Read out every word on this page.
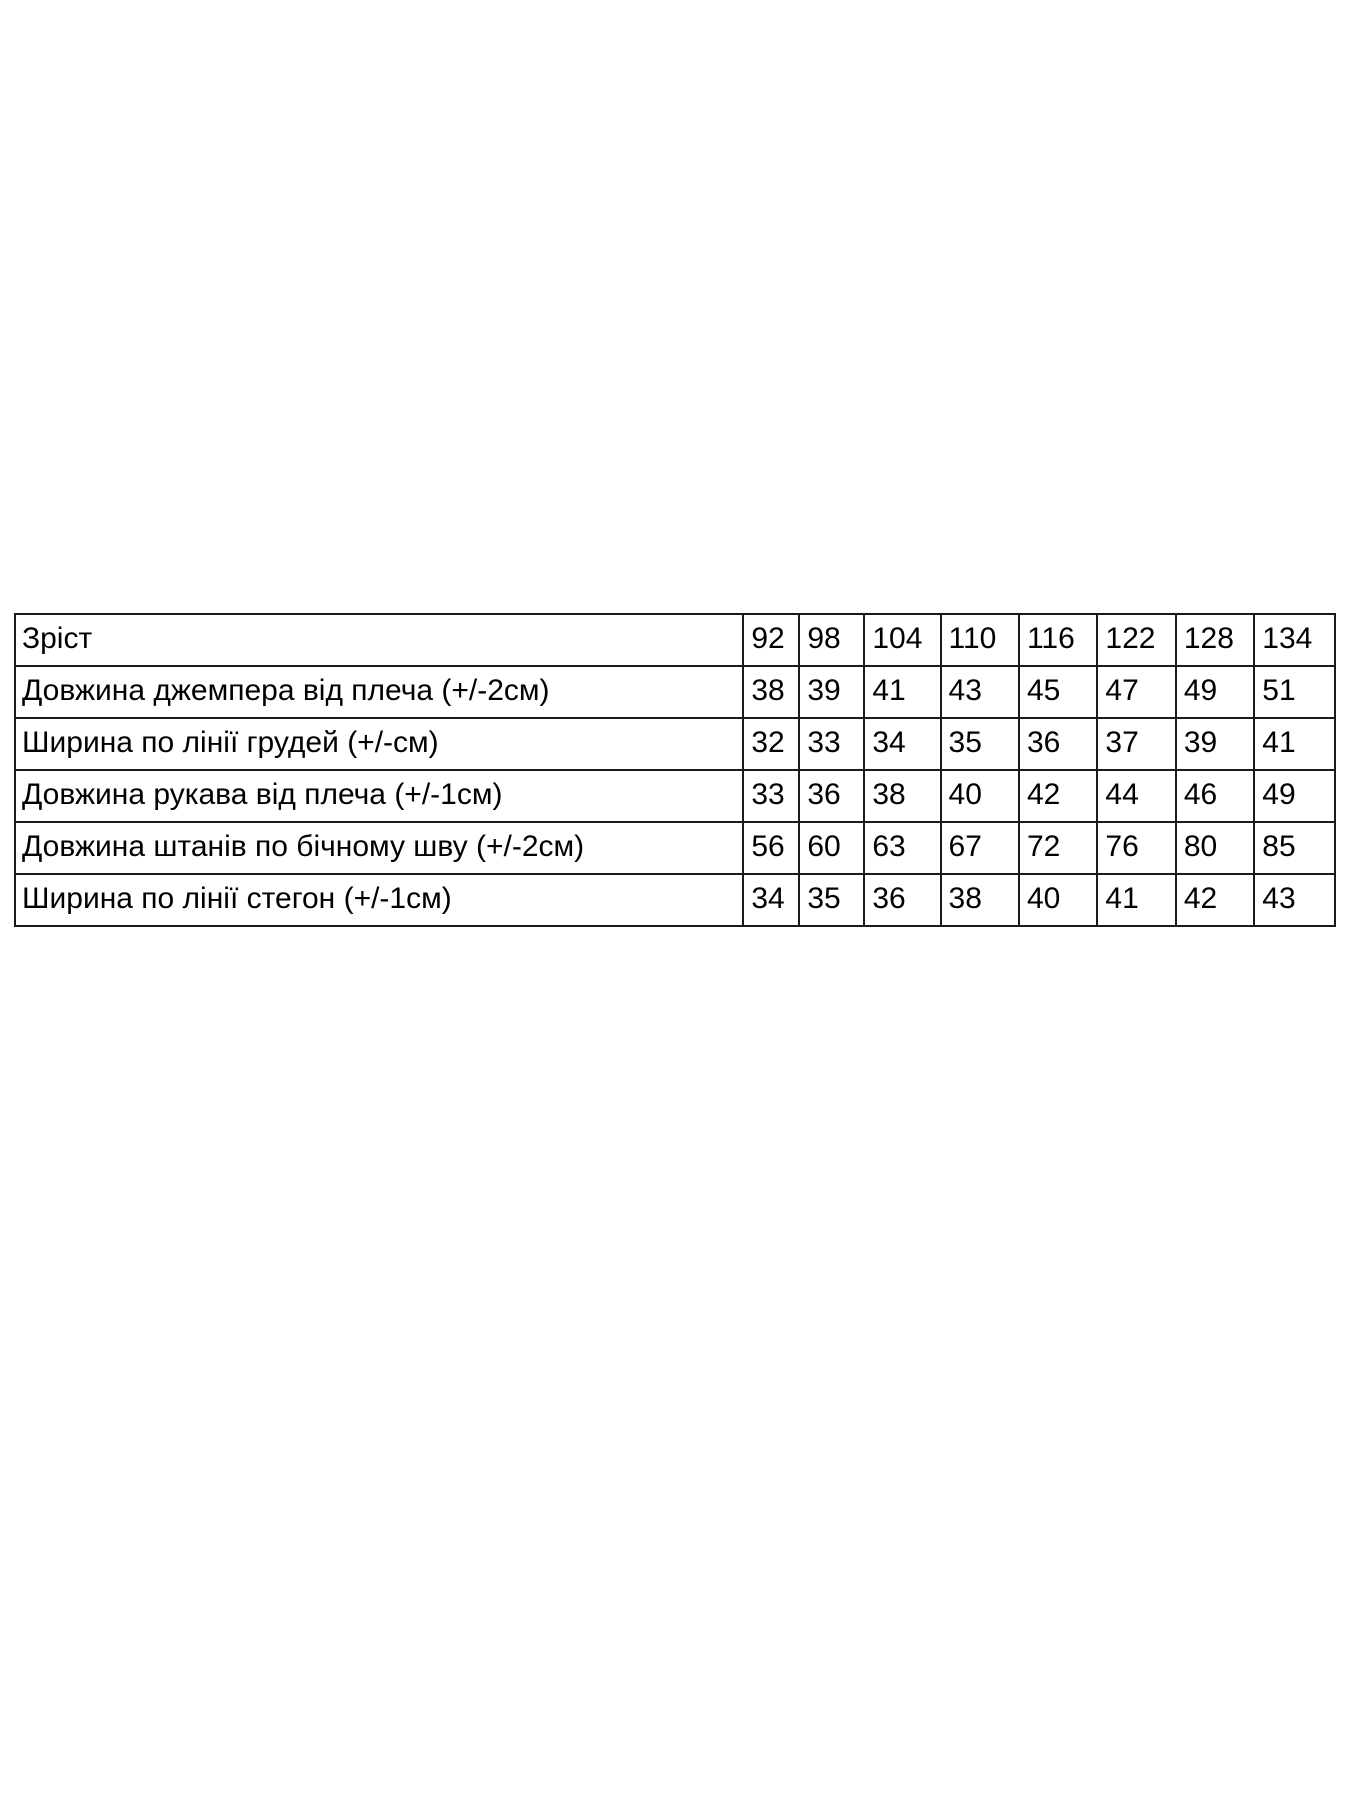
Зріст	92	98	104	110	116	122	128	134
Довжина джемпера від плеча (+/-2см)	38	39	41	43	45	47	49	51
Ширина по лінії грудей (+/-см)	32	33	34	35	36	37	39	41
Довжина рукава від плеча (+/-1см)	33	36	38	40	42	44	46	49
Довжина штанів по бічному шву (+/-2см)	56	60	63	67	72	76	80	85
Ширина по лінії стегон (+/-1см)	34	35	36	38	40	41	42	43
